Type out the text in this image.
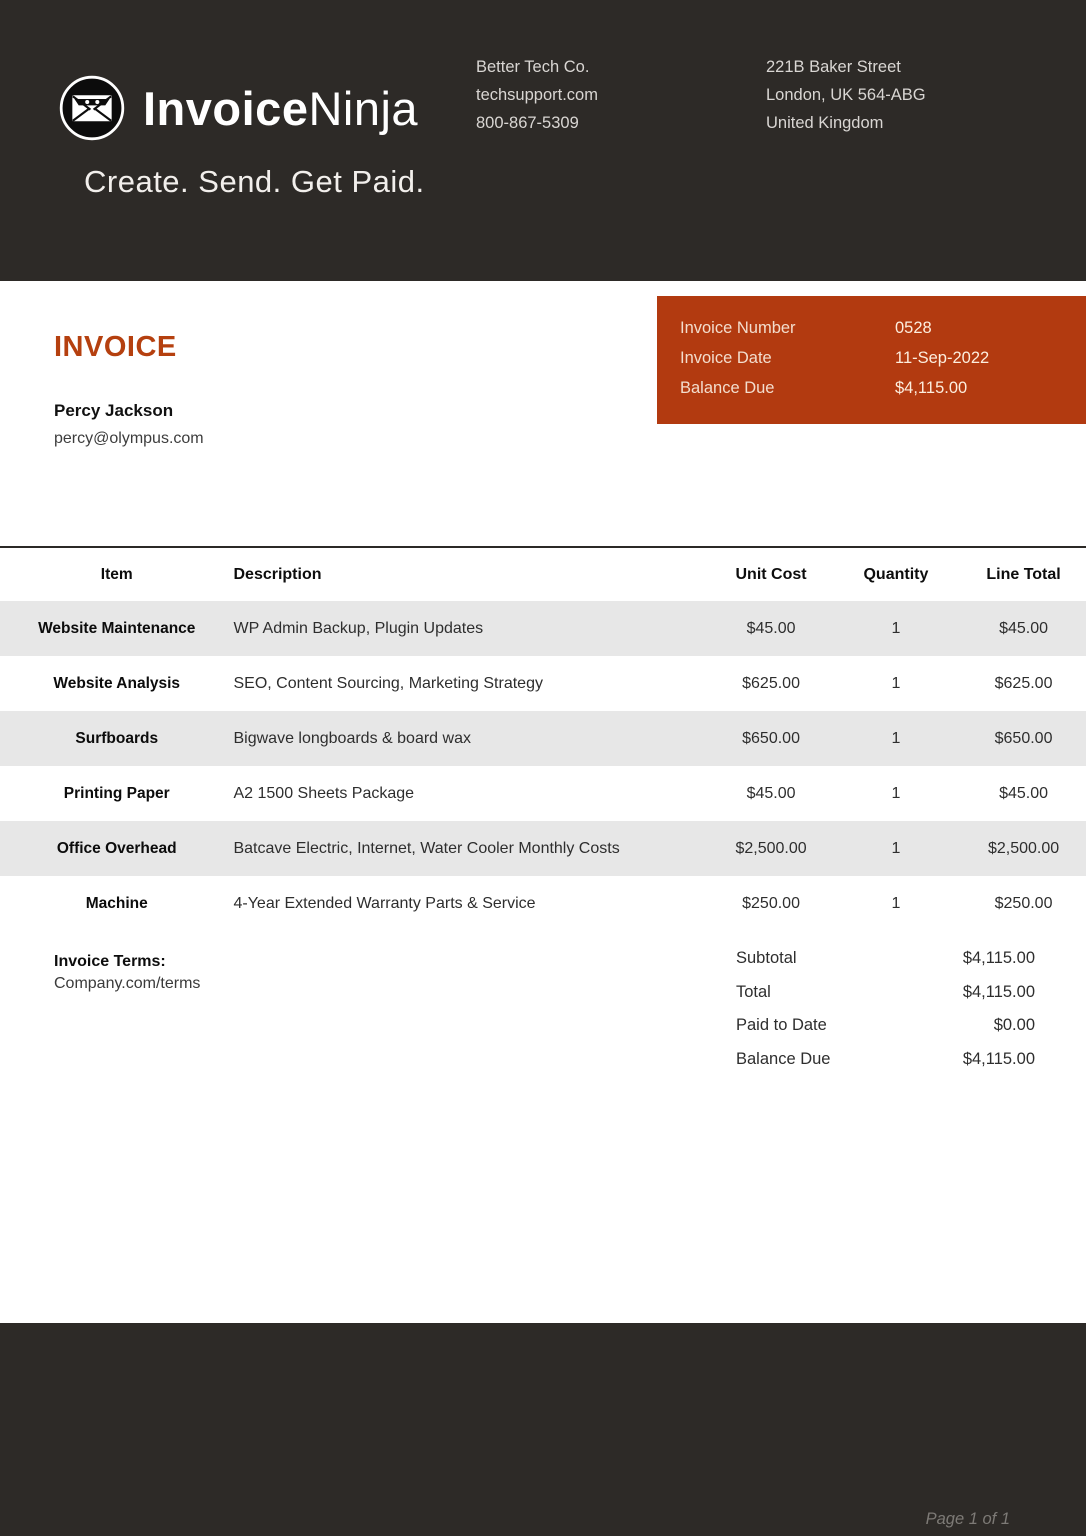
InvoiceNinja
Create. Send. Get Paid.
Better Tech Co.
techsupport.com
800-867-5309
221B Baker Street
London, UK 564-ABG
United Kingdom
Invoice Number	0528
Invoice Date	11-Sep-2022
Balance Due	$4,115.00
INVOICE
Percy Jackson
percy@olympus.com
Item	Description	Unit Cost	Quantity	Line Total
Website Maintenance	WP Admin Backup, Plugin Updates	$45.00	1	$45.00
Website Analysis	SEO, Content Sourcing, Marketing Strategy	$625.00	1	$625.00
Surfboards	Bigwave longboards & board wax	$650.00	1	$650.00
Printing Paper	A2 1500 Sheets Package	$45.00	1	$45.00
Office Overhead	Batcave Electric, Internet, Water Cooler Monthly Costs	$2,500.00	1	$2,500.00
Machine	4-Year Extended Warranty Parts & Service	$250.00	1	$250.00
Invoice Terms:
Company.com/terms
Subtotal	$4,115.00
Total	$4,115.00
Paid to Date	$0.00
Balance Due	$4,115.00
Page 1 of 1
